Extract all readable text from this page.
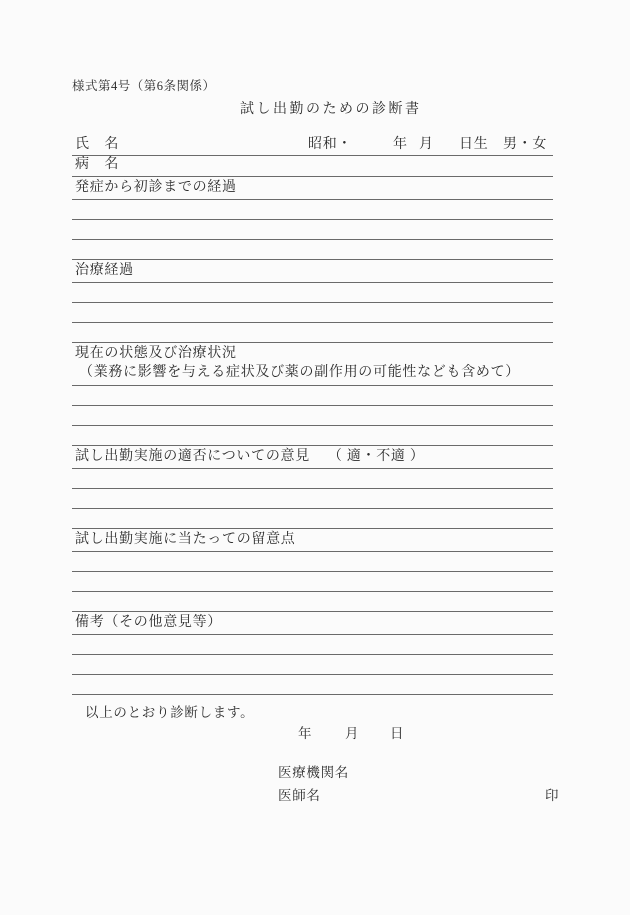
様式第4号（第6条関係）
試し出勤のための診断書
氏　名	昭和・	年 月 日生 男・女
病　名
発症から初診までの経過
治療経過
現在の状態及び治療状況
（業務に影響を与える症状及び薬の副作用の可能性なども含めて）
試し出勤実施の適否についての意見 （ 適・不適 ）
試し出勤実施に当たっての留意点
備考（その他意見等）
以上のとおり診断します。
年 月 日
医療機関名
医師名	印
